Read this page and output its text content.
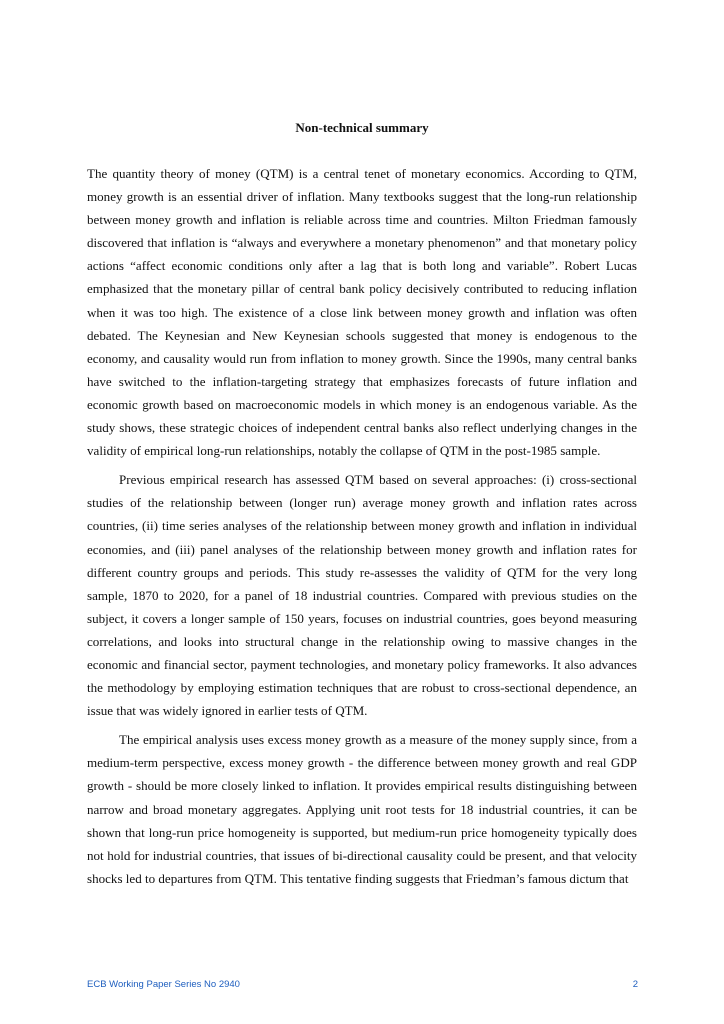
Non-technical summary

The quantity theory of money (QTM) is a central tenet of monetary economics. According to QTM, money growth is an essential driver of inflation. Many textbooks suggest that the long-run relationship between money growth and inflation is reliable across time and countries. Milton Friedman famously discovered that inflation is “always and everywhere a monetary phenomenon” and that monetary policy actions “affect economic conditions only after a lag that is both long and variable”. Robert Lucas emphasized that the monetary pillar of central bank policy decisively contributed to reducing inflation when it was too high. The existence of a close link between money growth and inflation was often debated. The Keynesian and New Keynesian schools suggested that money is endogenous to the economy, and causality would run from inflation to money growth. Since the 1990s, many central banks have switched to the inflation-targeting strategy that emphasizes forecasts of future inflation and economic growth based on macroeconomic models in which money is an endogenous variable. As the study shows, these strategic choices of independent central banks also reflect underlying changes in the validity of empirical long-run relationships, notably the collapse of QTM in the post-1985 sample.

Previous empirical research has assessed QTM based on several approaches: (i) cross-sectional studies of the relationship between (longer run) average money growth and inflation rates across countries, (ii) time series analyses of the relationship between money growth and inflation in individual economies, and (iii) panel analyses of the relationship between money growth and inflation rates for different country groups and periods. This study re-assesses the validity of QTM for the very long sample, 1870 to 2020, for a panel of 18 industrial countries. Compared with previous studies on the subject, it covers a longer sample of 150 years, focuses on industrial countries, goes beyond measuring correlations, and looks into structural change in the relationship owing to massive changes in the economic and financial sector, payment technologies, and monetary policy frameworks. It also advances the methodology by employing estimation techniques that are robust to cross-sectional dependence, an issue that was widely ignored in earlier tests of QTM.

The empirical analysis uses excess money growth as a measure of the money supply since, from a medium-term perspective, excess money growth - the difference between money growth and real GDP growth - should be more closely linked to inflation. It provides empirical results distinguishing between narrow and broad monetary aggregates. Applying unit root tests for 18 industrial countries, it can be shown that long-run price homogeneity is supported, but medium-run price homogeneity typically does not hold for industrial countries, that issues of bi-directional causality could be present, and that velocity shocks led to departures from QTM. This tentative finding suggests that Friedman’s famous dictum that

ECB Working Paper Series No 2940	2
